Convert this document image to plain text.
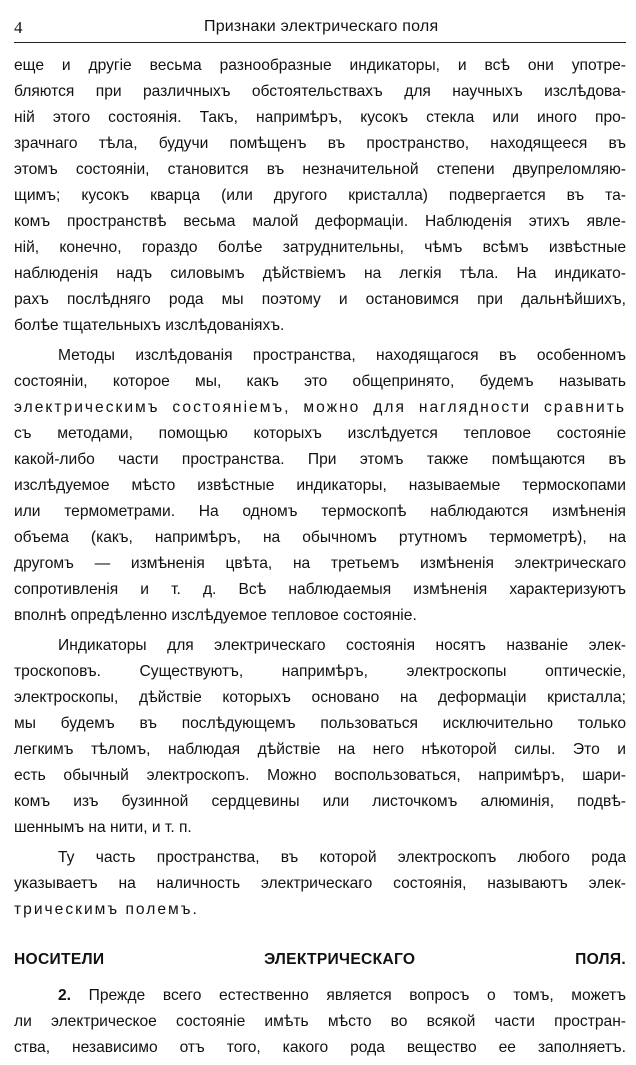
4	Признаки электрическаго поля
еще и другіе весьма разнообразные индикаторы, и всѣ они употре-
бляются при различныхъ обстоятельствахъ для научныхъ изслѣдова-
ній этого состоянія. Такъ, напримѣръ, кусокъ стекла или иного про-
зрачнаго тѣла, будучи помѣщенъ въ пространство, находящееся въ
этомъ состояніи, становится въ незначительной степени двупреломляю-
щимъ; кусокъ кварца (или другого кристалла) подвергается въ та-
комъ пространствѣ весьма малой деформаціи. Наблюденія этихъ явле-
ній, конечно, гораздо болѣе затруднительны, чѣмъ всѣмъ извѣстные
наблюденія надъ силовымъ дѣйствіемъ на легкія тѣла. На индикато-
рахъ послѣдняго рода мы поэтому и остановимся при дальнѣйшихъ,
болѣе тщательныхъ изслѣдованіяхъ.
Методы изслѣдованія пространства, находящагося въ особенномъ
состояніи, которое мы, какъ это общепринято, будемъ называть
электрическимъ состояніемъ, можно для наглядности сравнить
съ методами, помощью которыхъ изслѣдуется тепловое состояніе
какой-либо части пространства. При этомъ также помѣщаются въ
изслѣдуемое мѣсто извѣстные индикаторы, называемые термоскопами
или термометрами. На одномъ термоскопѣ наблюдаются измѣненія
объема (какъ, напримѣръ, на обычномъ ртутномъ термометрѣ), на
другомъ — измѣненія цвѣта, на третьемъ измѣненія электрическаго
сопротивленія и т. д. Всѣ наблюдаемыя измѣненія характеризуютъ
вполнѣ опредѣленно изслѣдуемое тепловое состояніе.
Индикаторы для электрическаго состоянія носятъ названіе элек-
троскоповъ. Существуютъ, напримѣръ, электроскопы оптическіе,
электроскопы, дѣйствіе которыхъ основано на деформаціи кристалла;
мы будемъ въ послѣдующемъ пользоваться исключительно только
легкимъ тѣломъ, наблюдая дѣйствіе на него нѣкоторой силы. Это и
есть обычный электроскопъ. Можно воспользоваться, напримѣръ, шари-
комъ изъ бузинной сердцевины или листочкомъ алюминія, подвѣ-
шеннымъ на нити, и т. п.
Ту часть пространства, въ которой электроскопъ любого рода
указываетъ на наличность электрическаго состоянія, называютъ элек-
трическимъ полемъ.
НОСИТЕЛИ ЭЛЕКТРИЧЕСКАГО ПОЛЯ.
2. Прежде всего естественно является вопросъ о томъ, можетъ
ли электрическое состояніе имѣть мѣсто во всякой части простран-
ства, независимо отъ того, какого рода вещество ее заполняетъ.
